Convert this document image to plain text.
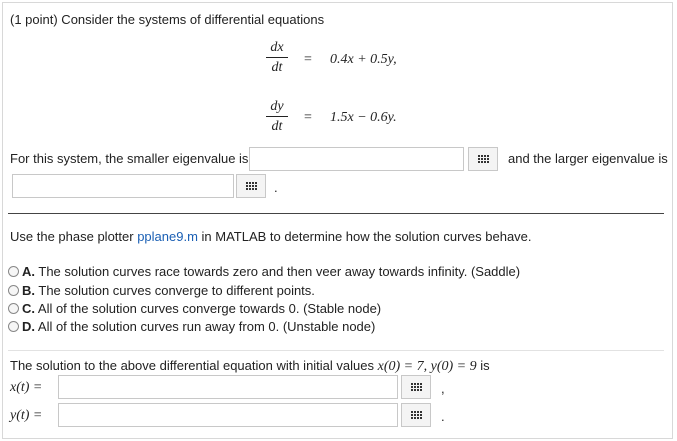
(1 point) Consider the systems of differential equations
dx
dt
= 0.4x + 0.5y,
dy
dt
= 1.5x − 0.6y.
For this system, the smaller eigenvalue is	and the larger eigenvalue is
.
Use the phase plotter pplane9.m in MATLAB to determine how the solution curves behave.
A. The solution curves race towards zero and then veer away towards infinity. (Saddle)
B. The solution curves converge to different points.
C. All of the solution curves converge towards 0. (Stable node)
D. All of the solution curves run away from 0. (Unstable node)
The solution to the above differential equation with initial values x(0) = 7, y(0) = 9 is
x(t) =	,
y(t) =	.
